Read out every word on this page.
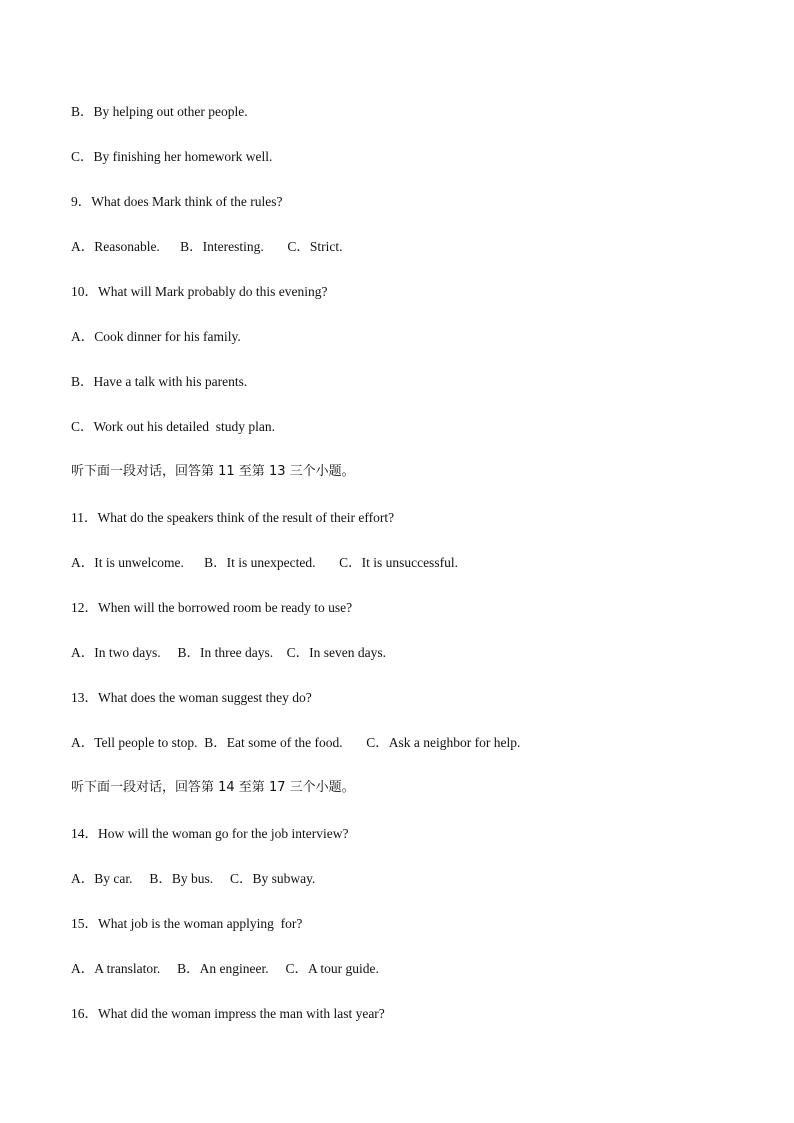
B．By helping out other people.
C．By finishing her homework well.
9．What does Mark think of the rules?
A．Reasonable.      B．Interesting.       C．Strict.
10．What will Mark probably do this evening?
A．Cook dinner for his family.
B．Have a talk with his parents.
C．Work out his detailed  study plan.
听下面一段对话，回答第 11 至第 13 三个小题。
11．What do the speakers think of the result of their effort?
A．It is unwelcome.      B．It is unexpected.       C．It is unsuccessful.
12．When will the borrowed room be ready to use?
A．In two days.     B．In three days.    C．In seven days.
13．What does the woman suggest they do?
A．Tell people to stop.  B．Eat some of the food.       C．Ask a neighbor for help.
听下面一段对话，回答第 14 至第 17 三个小题。
14．How will the woman go for the job interview?
A．By car.     B．By bus.     C．By subway.
15．What job is the woman applying  for?
A．A translator.     B．An engineer.     C．A tour guide.
16．What did the woman impress the man with last year?
